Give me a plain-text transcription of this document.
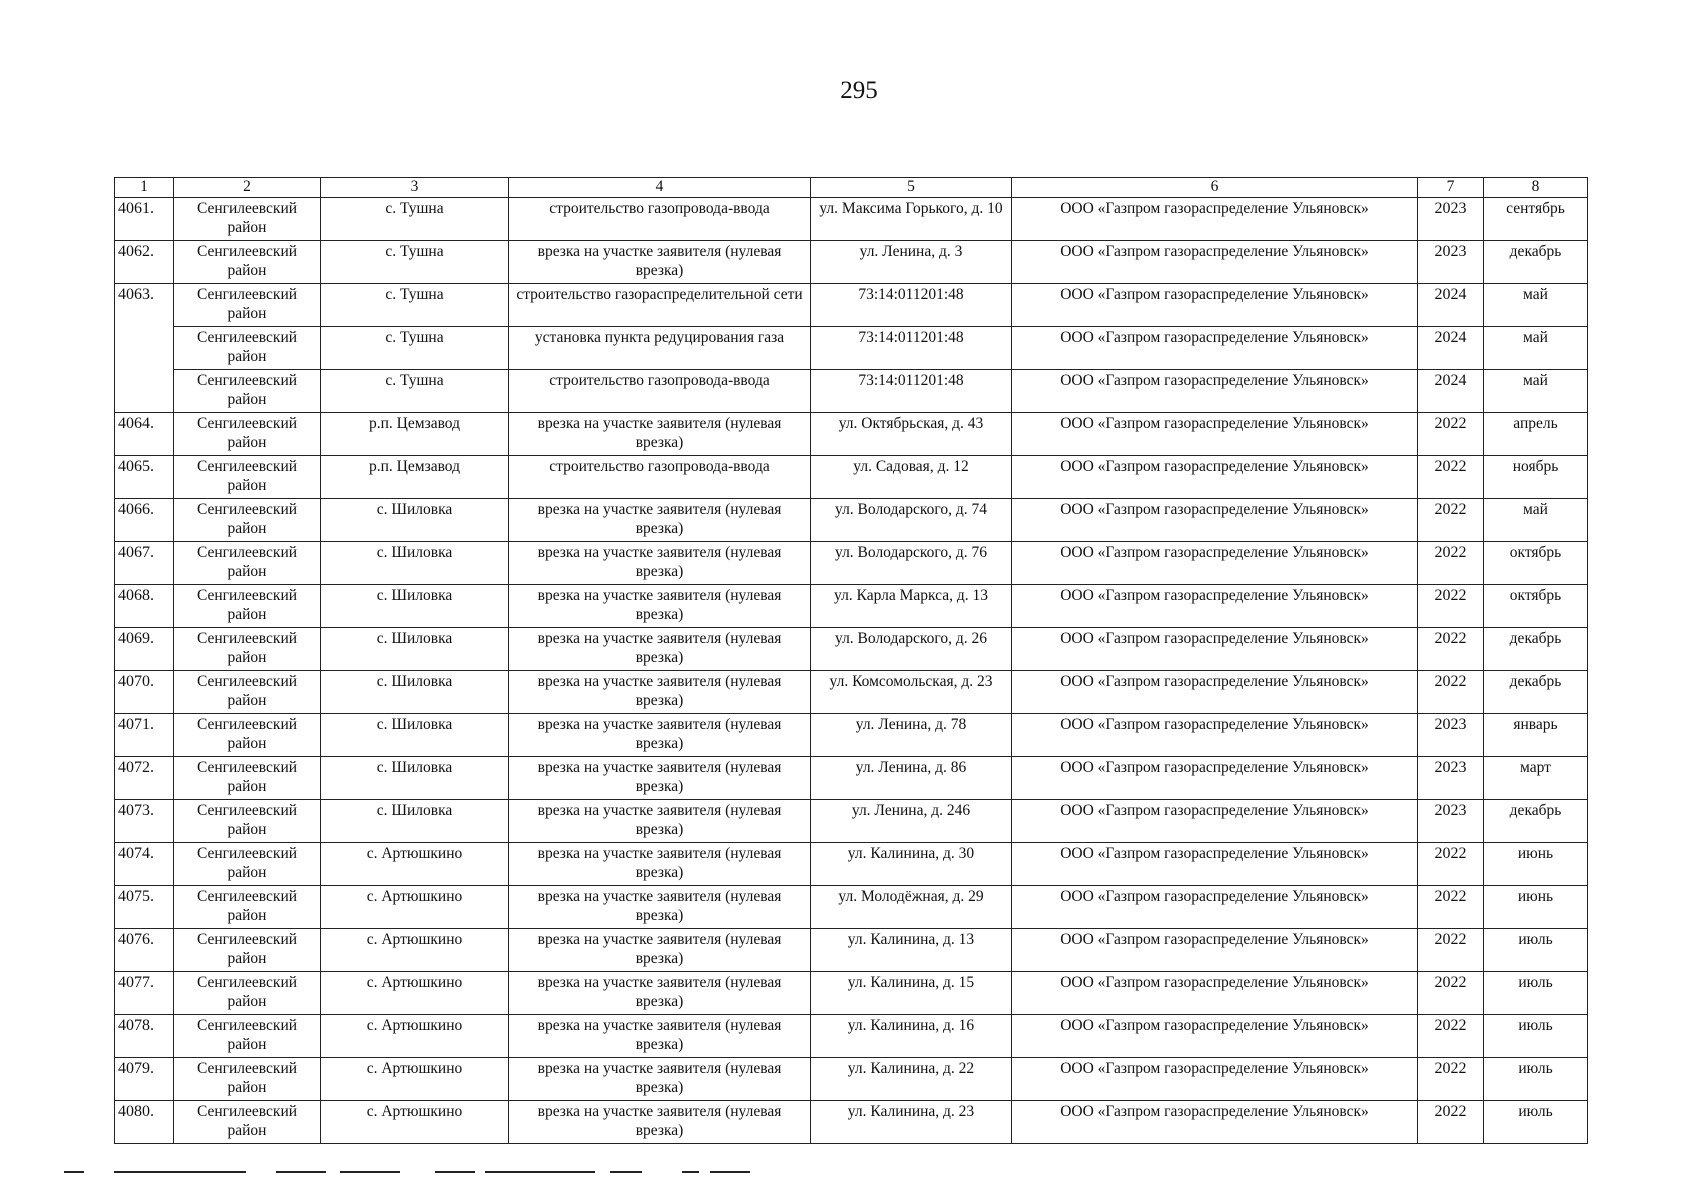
295
1	2	3	4	5	6	7	8
4061.	Сенгилеевский район	с. Тушна	строительство газопровода-ввода	ул. Максима Горького, д. 10	ООО «Газпром газораспределение Ульяновск»	2023	сентябрь
4062.	Сенгилеевский район	с. Тушна	врезка на участке заявителя (нулевая врезка)	ул. Ленина, д. 3	ООО «Газпром газораспределение Ульяновск»	2023	декабрь
4063.	Сенгилеевский район	с. Тушна	строительство газораспределительной сети	73:14:011201:48	ООО «Газпром газораспределение Ульяновск»	2024	май
	Сенгилеевский район	с. Тушна	установка пункта редуцирования газа	73:14:011201:48	ООО «Газпром газораспределение Ульяновск»	2024	май
	Сенгилеевский район	с. Тушна	строительство газопровода-ввода	73:14:011201:48	ООО «Газпром газораспределение Ульяновск»	2024	май
4064.	Сенгилеевский район	р.п. Цемзавод	врезка на участке заявителя (нулевая врезка)	ул. Октябрьская, д. 43	ООО «Газпром газораспределение Ульяновск»	2022	апрель
4065.	Сенгилеевский район	р.п. Цемзавод	строительство газопровода-ввода	ул. Садовая, д. 12	ООО «Газпром газораспределение Ульяновск»	2022	ноябрь
4066.	Сенгилеевский район	с. Шиловка	врезка на участке заявителя (нулевая врезка)	ул. Володарского, д. 74	ООО «Газпром газораспределение Ульяновск»	2022	май
4067.	Сенгилеевский район	с. Шиловка	врезка на участке заявителя (нулевая врезка)	ул. Володарского, д. 76	ООО «Газпром газораспределение Ульяновск»	2022	октябрь
4068.	Сенгилеевский район	с. Шиловка	врезка на участке заявителя (нулевая врезка)	ул. Карла Маркса, д. 13	ООО «Газпром газораспределение Ульяновск»	2022	октябрь
4069.	Сенгилеевский район	с. Шиловка	врезка на участке заявителя (нулевая врезка)	ул. Володарского, д. 26	ООО «Газпром газораспределение Ульяновск»	2022	декабрь
4070.	Сенгилеевский район	с. Шиловка	врезка на участке заявителя (нулевая врезка)	ул. Комсомольская, д. 23	ООО «Газпром газораспределение Ульяновск»	2022	декабрь
4071.	Сенгилеевский район	с. Шиловка	врезка на участке заявителя (нулевая врезка)	ул. Ленина, д. 78	ООО «Газпром газораспределение Ульяновск»	2023	январь
4072.	Сенгилеевский район	с. Шиловка	врезка на участке заявителя (нулевая врезка)	ул. Ленина, д. 86	ООО «Газпром газораспределение Ульяновск»	2023	март
4073.	Сенгилеевский район	с. Шиловка	врезка на участке заявителя (нулевая врезка)	ул. Ленина, д. 246	ООО «Газпром газораспределение Ульяновск»	2023	декабрь
4074.	Сенгилеевский район	с. Артюшкино	врезка на участке заявителя (нулевая врезка)	ул. Калинина, д. 30	ООО «Газпром газораспределение Ульяновск»	2022	июнь
4075.	Сенгилеевский район	с. Артюшкино	врезка на участке заявителя (нулевая врезка)	ул. Молодёжная, д. 29	ООО «Газпром газораспределение Ульяновск»	2022	июнь
4076.	Сенгилеевский район	с. Артюшкино	врезка на участке заявителя (нулевая врезка)	ул. Калинина, д. 13	ООО «Газпром газораспределение Ульяновск»	2022	июль
4077.	Сенгилеевский район	с. Артюшкино	врезка на участке заявителя (нулевая врезка)	ул. Калинина, д. 15	ООО «Газпром газораспределение Ульяновск»	2022	июль
4078.	Сенгилеевский район	с. Артюшкино	врезка на участке заявителя (нулевая врезка)	ул. Калинина, д. 16	ООО «Газпром газораспределение Ульяновск»	2022	июль
4079.	Сенгилеевский район	с. Артюшкино	врезка на участке заявителя (нулевая врезка)	ул. Калинина, д. 22	ООО «Газпром газораспределение Ульяновск»	2022	июль
4080.	Сенгилеевский район	с. Артюшкино	врезка на участке заявителя (нулевая врезка)	ул. Калинина, д. 23	ООО «Газпром газораспределение Ульяновск»	2022	июль
